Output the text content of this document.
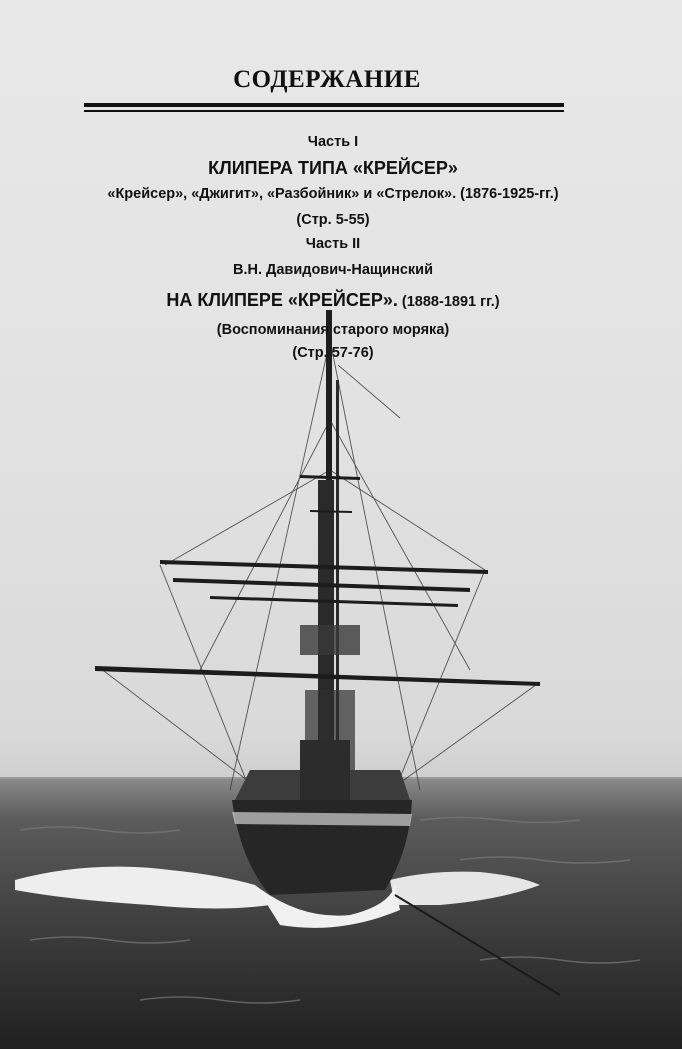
СОДЕРЖАНИЕ
Часть I
КЛИПЕРА ТИПА «КРЕЙСЕР»
«Крейсер», «Джигит», «Разбойник» и «Стрелок». (1876-1925-гг.)
(Стр. 5-55)
Часть II
В.Н. Давидович-Нащинский
НА КЛИПЕРЕ «КРЕЙСЕР». (1888-1891 гг.)
(Воспоминания старого моряка)
(Стр. 57-76)
